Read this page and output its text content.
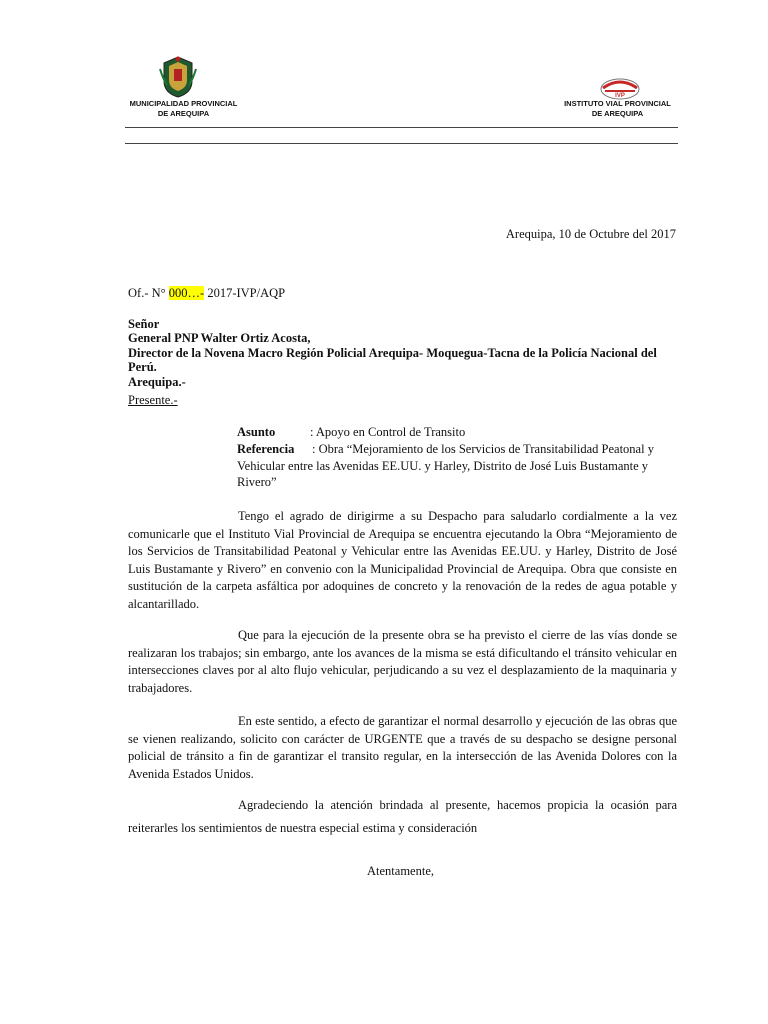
MUNICIPALIDAD PROVINCIAL
DE AREQUIPA
IVP
INSTITUTO VIAL PROVINCIAL
DE AREQUIPA
Arequipa, 10 de Octubre del 2017
Of.- N° 000…- 2017-IVP/AQP
Señor
General PNP Walter Ortiz Acosta,
Director de la Novena Macro Región Policial Arequipa- Moquegua-Tacna de la Policía Nacional del
Perú.
Arequipa.-
Presente.-
Asunto	: Apoyo en Control de Transito
Referencia : Obra “Mejoramiento de los Servicios de Transitabilidad Peatonal y
Vehicular entre las Avenidas EE.UU. y Harley, Distrito de José Luis Bustamante y
Rivero”
Tengo el agrado de dirigirme a su Despacho para saludarlo cordialmente a la vez comunicarle que el Instituto Vial Provincial de Arequipa se encuentra ejecutando la Obra “Mejoramiento de los Servicios de Transitabilidad Peatonal y Vehicular entre las Avenidas EE.UU. y Harley, Distrito de José Luis Bustamante y Rivero” en convenio con la Municipalidad Provincial de Arequipa. Obra que consiste en sustitución de la carpeta asfáltica por adoquines de concreto y la renovación de la redes de agua potable y alcantarillado.
Que para la ejecución de la presente obra se ha previsto el cierre de las vías donde se realizaran los trabajos; sin embargo, ante los avances de la misma se está dificultando el tránsito vehicular en intersecciones claves por al alto flujo vehicular, perjudicando a su vez el desplazamiento de la maquinaria y trabajadores.
En este sentido, a efecto de garantizar el normal desarrollo y ejecución de las obras que se vienen realizando, solicito con carácter de URGENTE que a través de su despacho se designe personal policial de tránsito a fin de garantizar el transito regular, en la intersección de las Avenida Dolores con la Avenida Estados Unidos.
Agradeciendo la atención brindada al presente, hacemos propicia la ocasión para
reiterarles los sentimientos de nuestra especial estima y consideración
Atentamente,
